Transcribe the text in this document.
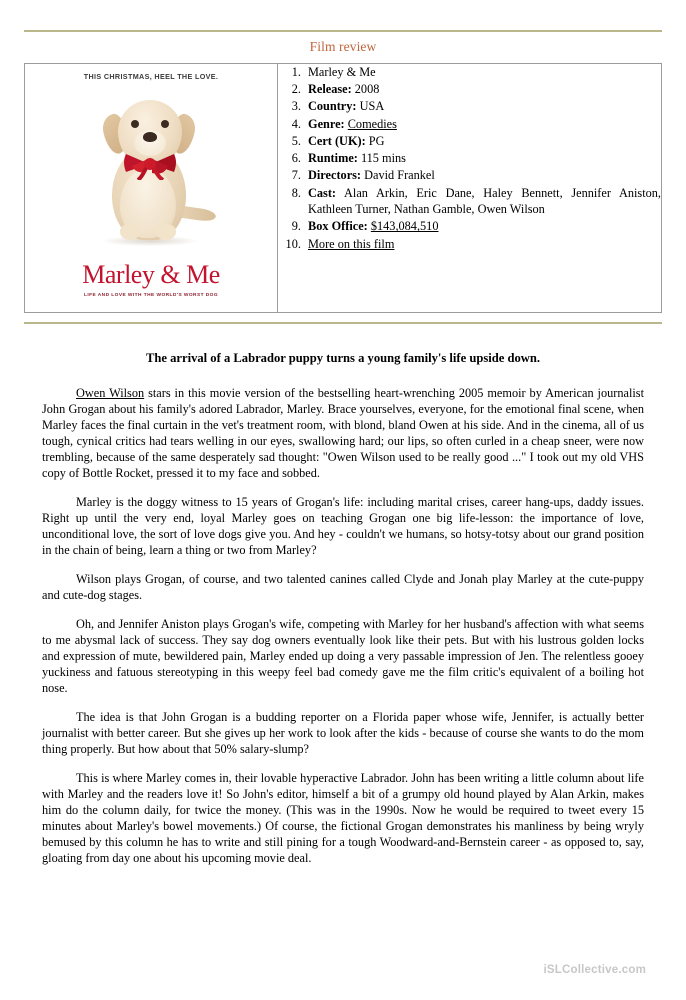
Film review
THIS CHRISTMAS, HEEL THE LOVE.
Marley & Me
LIFE AND LOVE WITH THE WORLD'S WORST DOG

1. Marley & Me
2. Release: 2008
3. Country: USA
4. Genre: Comedies
5. Cert (UK): PG
6. Runtime: 115 mins
7. Directors: David Frankel
8. Cast: Alan Arkin, Eric Dane, Haley Bennett, Jennifer Aniston, Kathleen Turner, Nathan Gamble, Owen Wilson
9. Box Office: $143,084,510
10. More on this film
The arrival of a Labrador puppy turns a young family's life upside down.

Owen Wilson stars in this movie version of the bestselling heart-wrenching 2005 memoir by American journalist John Grogan about his family's adored Labrador, Marley. Brace yourselves, everyone, for the emotional final scene, when Marley faces the final curtain in the vet's treatment room, with blond, bland Owen at his side. And in the cinema, all of us tough, cynical critics had tears welling in our eyes, swallowing hard; our lips, so often curled in a cheap sneer, were now trembling, because of the same desperately sad thought: "Owen Wilson used to be really good ..." I took out my old VHS copy of Bottle Rocket, pressed it to my face and sobbed.

Marley is the doggy witness to 15 years of Grogan's life: including marital crises, career hang-ups, daddy issues. Right up until the very end, loyal Marley goes on teaching Grogan one big life-lesson: the importance of love, unconditional love, the sort of love dogs give you. And hey - couldn't we humans, so hotsy-totsy about our grand position in the chain of being, learn a thing or two from Marley?

Wilson plays Grogan, of course, and two talented canines called Clyde and Jonah play Marley at the cute-puppy and cute-dog stages.

Oh, and Jennifer Aniston plays Grogan's wife, competing with Marley for her husband's affection with what seems to me abysmal lack of success. They say dog owners eventually look like their pets. But with his lustrous golden locks and expression of mute, bewildered pain, Marley ended up doing a very passable impression of Jen. The relentless gooey yuckiness and fatuous stereotyping in this weepy feel bad comedy gave me the film critic's equivalent of a boiling hot nose.

The idea is that John Grogan is a budding reporter on a Florida paper whose wife, Jennifer, is actually better journalist with better career. But she gives up her work to look after the kids - because of course she wants to do the mom thing properly. But how about that 50% salary-slump?

This is where Marley comes in, their lovable hyperactive Labrador. John has been writing a little column about life with Marley and the readers love it! So John's editor, himself a bit of a grumpy old hound played by Alan Arkin, makes him do the column daily, for twice the money. (This was in the 1990s. Now he would be required to tweet every 15 minutes about Marley's bowel movements.) Of course, the fictional Grogan demonstrates his manliness by being wryly bemused by this column he has to write and still pining for a tough Woodward-and-Bernstein career - as opposed to, say, gloating from day one about his upcoming movie deal.

iSLCollective.com
